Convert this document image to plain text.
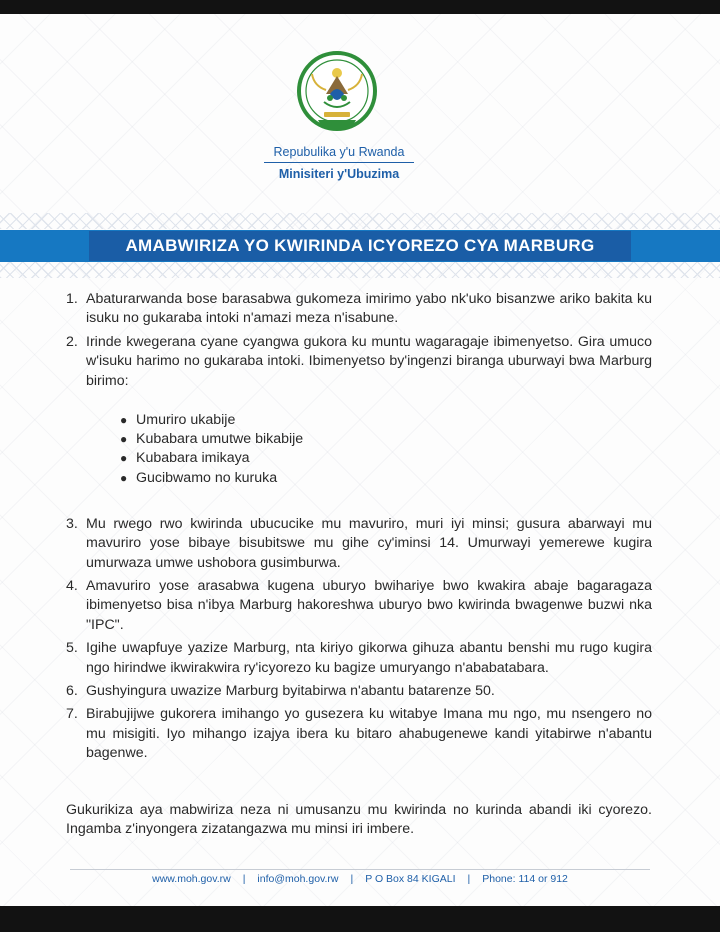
Repubulika y'u Rwanda
Minisiteri y'Ubuzima
AMABWIRIZA YO KWIRINDA ICYOREZO CYA MARBURG
1. Abaturarwanda bose barasabwa gukomeza imirimo yabo nk'uko bisanzwe ariko bakita ku isuku no gukaraba intoki n'amazi meza n'isabune.
2. Irinde kwegerana cyane cyangwa gukora ku muntu wagaragaje ibimenyetso. Gira umuco w'isuku harimo no gukaraba intoki. Ibimenyetso by'ingenzi biranga uburwayi bwa Marburg birimo:
● Umuriro ukabije
● Kubabara umutwe bikabije
● Kubabara imikaya
● Gucibwamo no kuruka
3. Mu rwego rwo kwirinda ubucucike mu mavuriro, muri iyi minsi; gusura abarwayi mu mavuriro yose bibaye bisubitswe mu gihe cy'iminsi 14. Umurwayi yemerewe kugira umurwaza umwe ushobora gusimburwa.
4. Amavuriro yose arasabwa kugena uburyo bwihariye bwo kwakira abaje bagaragaza ibimenyetso bisa n'ibya Marburg hakoreshwa uburyo bwo kwirinda bwagenwe buzwi nka "IPC".
5. Igihe uwapfuye yazize Marburg, nta kiriyo gikorwa gihuza abantu benshi mu rugo kugira ngo hirindwe ikwirakwira ry'icyorezo ku bagize umuryango n'ababatabara.
6. Gushyingura uwazize Marburg byitabirwa n'abantu batarenze 50.
7. Birabujijwe gukorera imihango yo gusezera ku witabye Imana mu ngo, mu nsengero no mu misigiti. Iyo mihango izajya ibera ku bitaro ahabugenewe kandi yitabirwe n'abantu bagenwe.
Gukurikiza aya mabwiriza neza ni umusanzu mu kwirinda no kurinda abandi iki cyorezo. Ingamba z'inyongera zizatangazwa mu minsi iri imbere.
www.moh.gov.rw | info@moh.gov.rw | P O Box 84 KIGALI | Phone: 114 or 912
